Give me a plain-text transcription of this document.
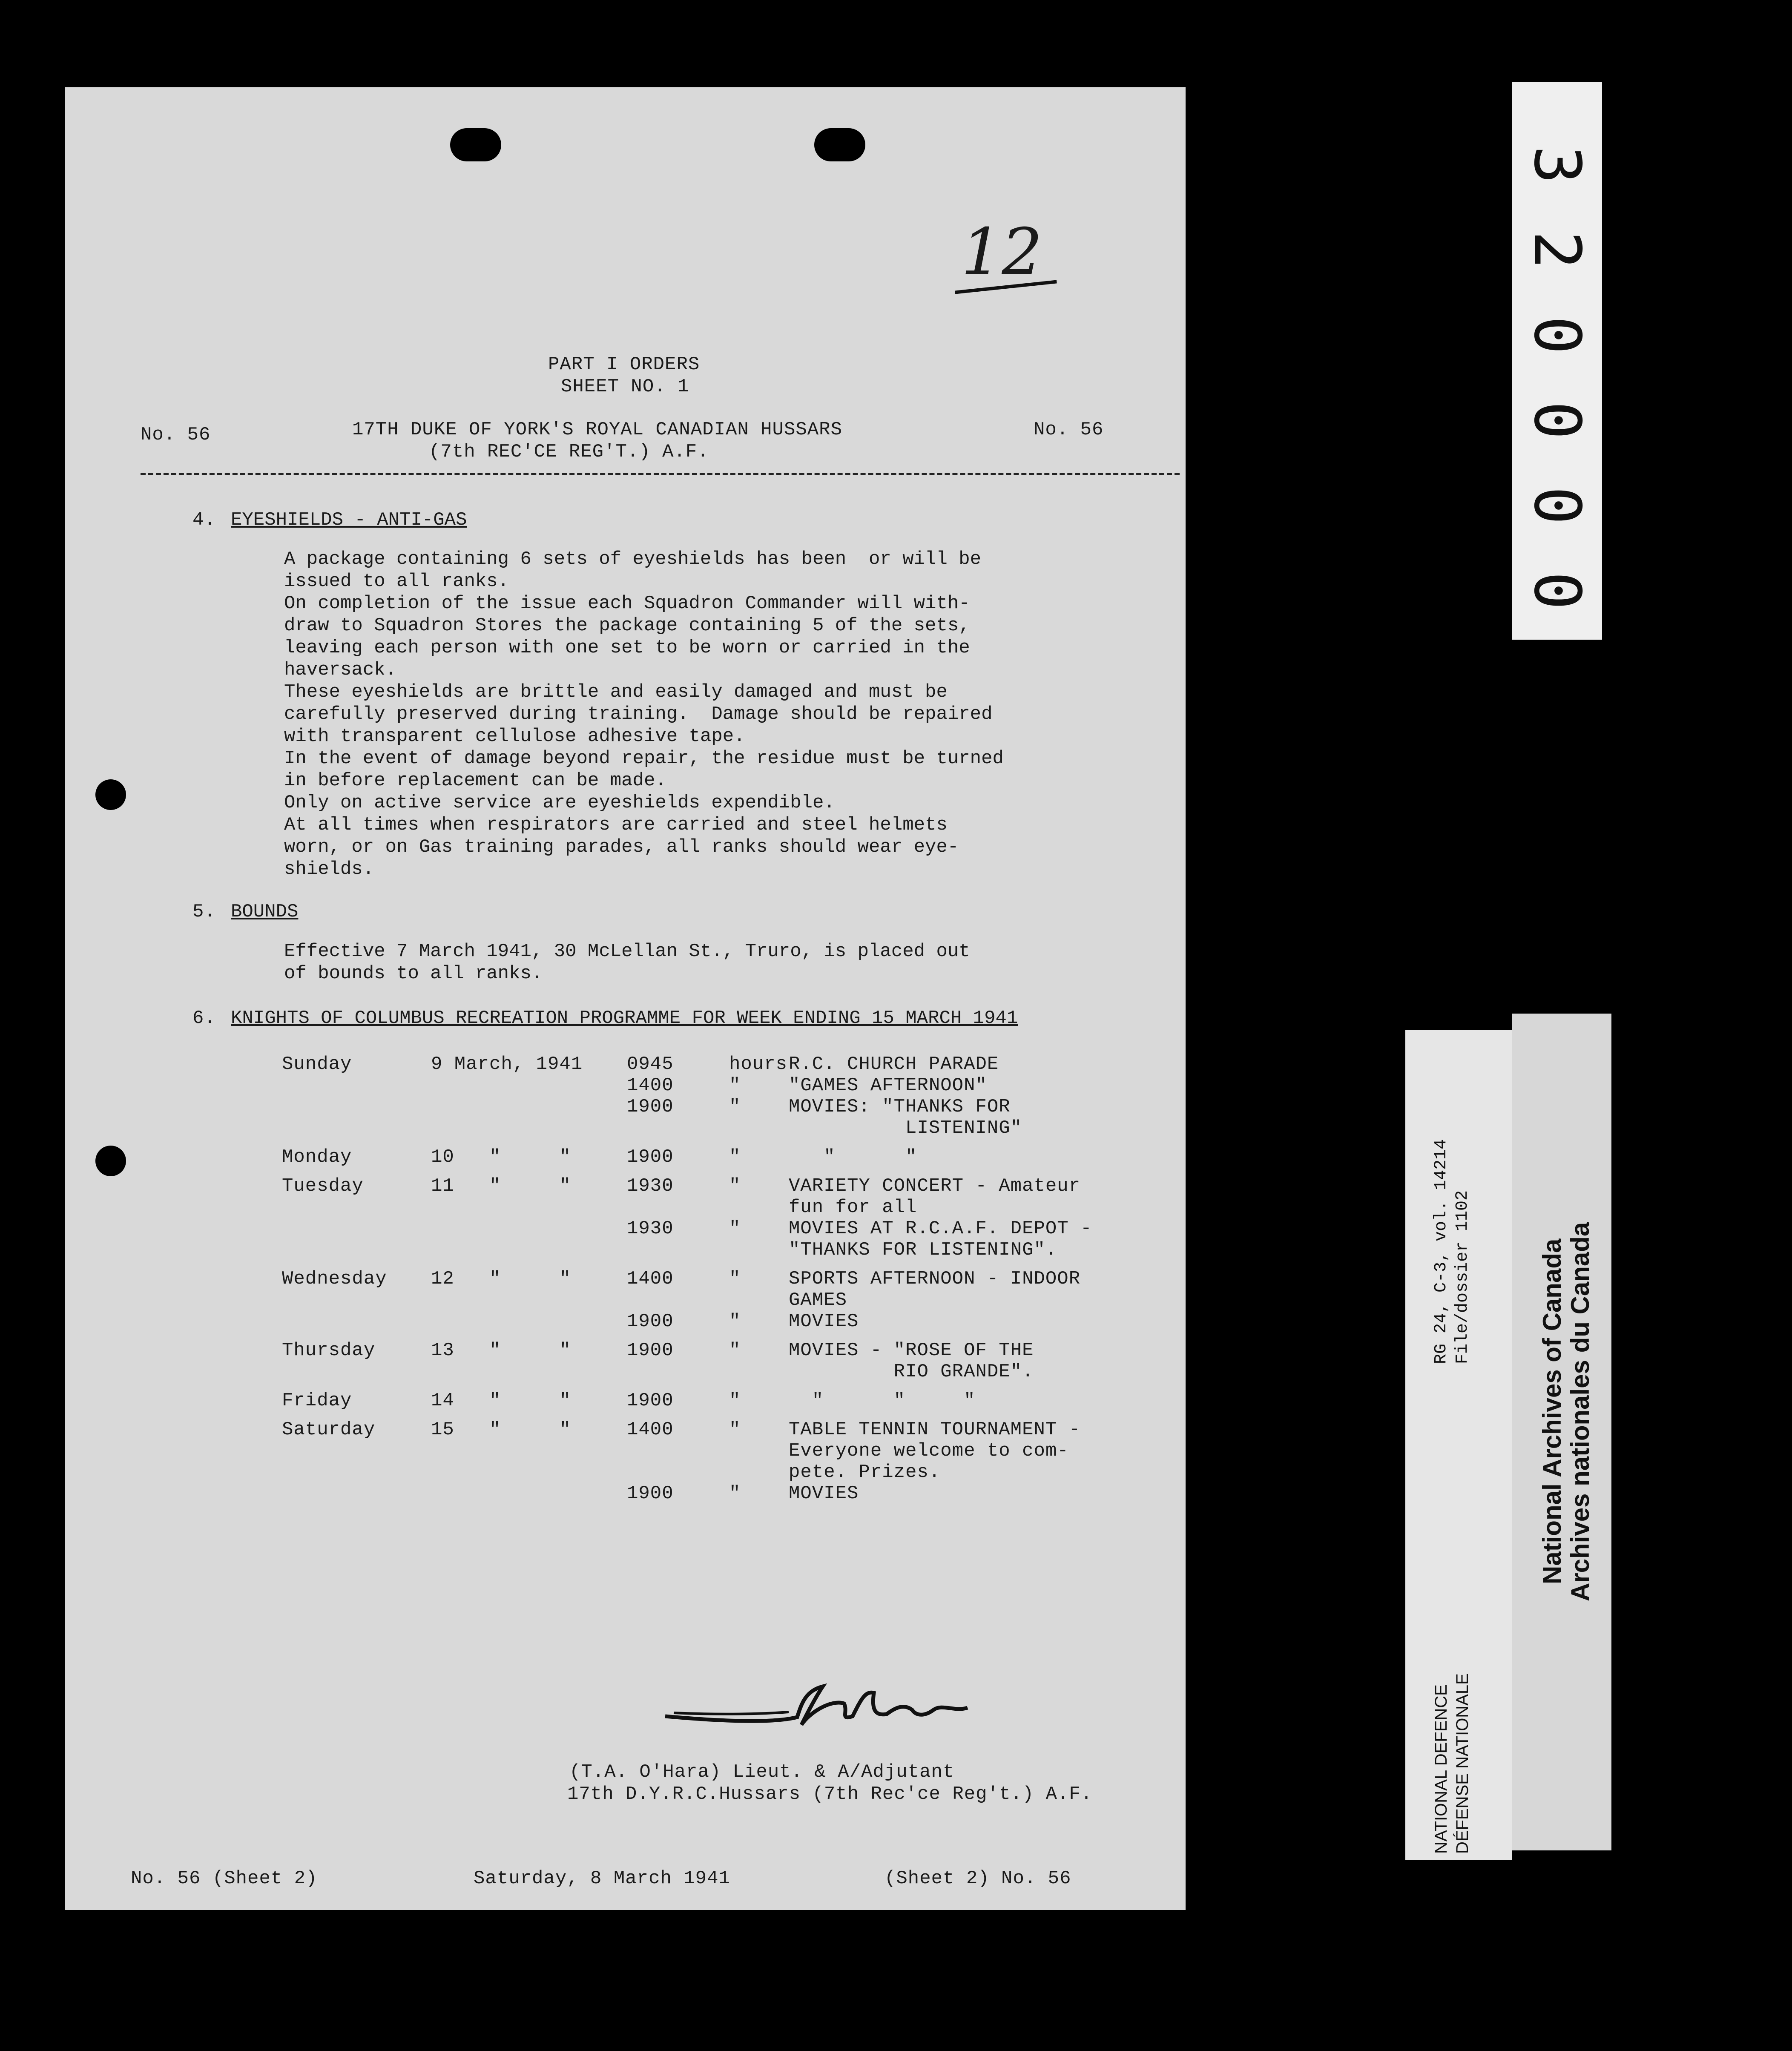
12
PART I ORDERS
SHEET NO. 1
No. 56	17TH DUKE OF YORK'S ROYAL CANADIAN HUSSARS	No. 56
(7th REC'CE REG'T.) A.F.
4. EYESHIELDS - ANTI-GAS
A package containing 6 sets of eyeshields has been  or will be
issued to all ranks.
On completion of the issue each Squadron Commander will with-
draw to Squadron Stores the package containing 5 of the sets,
leaving each person with one set to be worn or carried in the
haversack.
These eyeshields are brittle and easily damaged and must be
carefully preserved during training.  Damage should be repaired
with transparent cellulose adhesive tape.
In the event of damage beyond repair, the residue must be turned
in before replacement can be made.
Only on active service are eyeshields expendible.
At all times when respirators are carried and steel helmets
worn, or on Gas training parades, all ranks should wear eye-
shields.
5. BOUNDS
Effective 7 March 1941, 30 McLellan St., Truro, is placed out
of bounds to all ranks.
6. KNIGHTS OF COLUMBUS RECREATION PROGRAMME FOR WEEK ENDING 15 MARCH 1941
Sunday	9 March, 1941 0945	hours R.C. CHURCH PARADE
1400	"	"GAMES AFTERNOON"
1900	"	MOVIES: "THANKS FOR
LISTENING"
Monday	10   "     "	1900	"	"      "
Tuesday	11   "     "	1930	"	VARIETY CONCERT - Amateur
fun for all
1930	"	MOVIES AT R.C.A.F. DEPOT -
"THANKS FOR LISTENING".
Wednesday 12   "     "	1400	"	SPORTS AFTERNOON - INDOOR
GAMES
1900	"	MOVIES
Thursday	13   "     "	1900	"	MOVIES - "ROSE OF THE
RIO GRANDE".
Friday	14   "     "	1900	"	"      "     "
Saturday	15   "     "	1400	"	TABLE TENNIN TOURNAMENT -
Everyone welcome to com-
pete. Prizes.
1900	"	MOVIES
(T.A. O'Hara) Lieut. & A/Adjutant
17th D.Y.R.C.Hussars (7th Rec'ce Reg't.) A.F.
No. 56 (Sheet 2)	Saturday, 8 March 1941	(Sheet 2) No. 56
0
0
0
0
2
3
RG 24, C-3, vol. 14214 File/dossier 1102
NATIONAL DEFENCE DÉFENSE NATIONALE
National Archives of Canada Archives nationales du Canada
